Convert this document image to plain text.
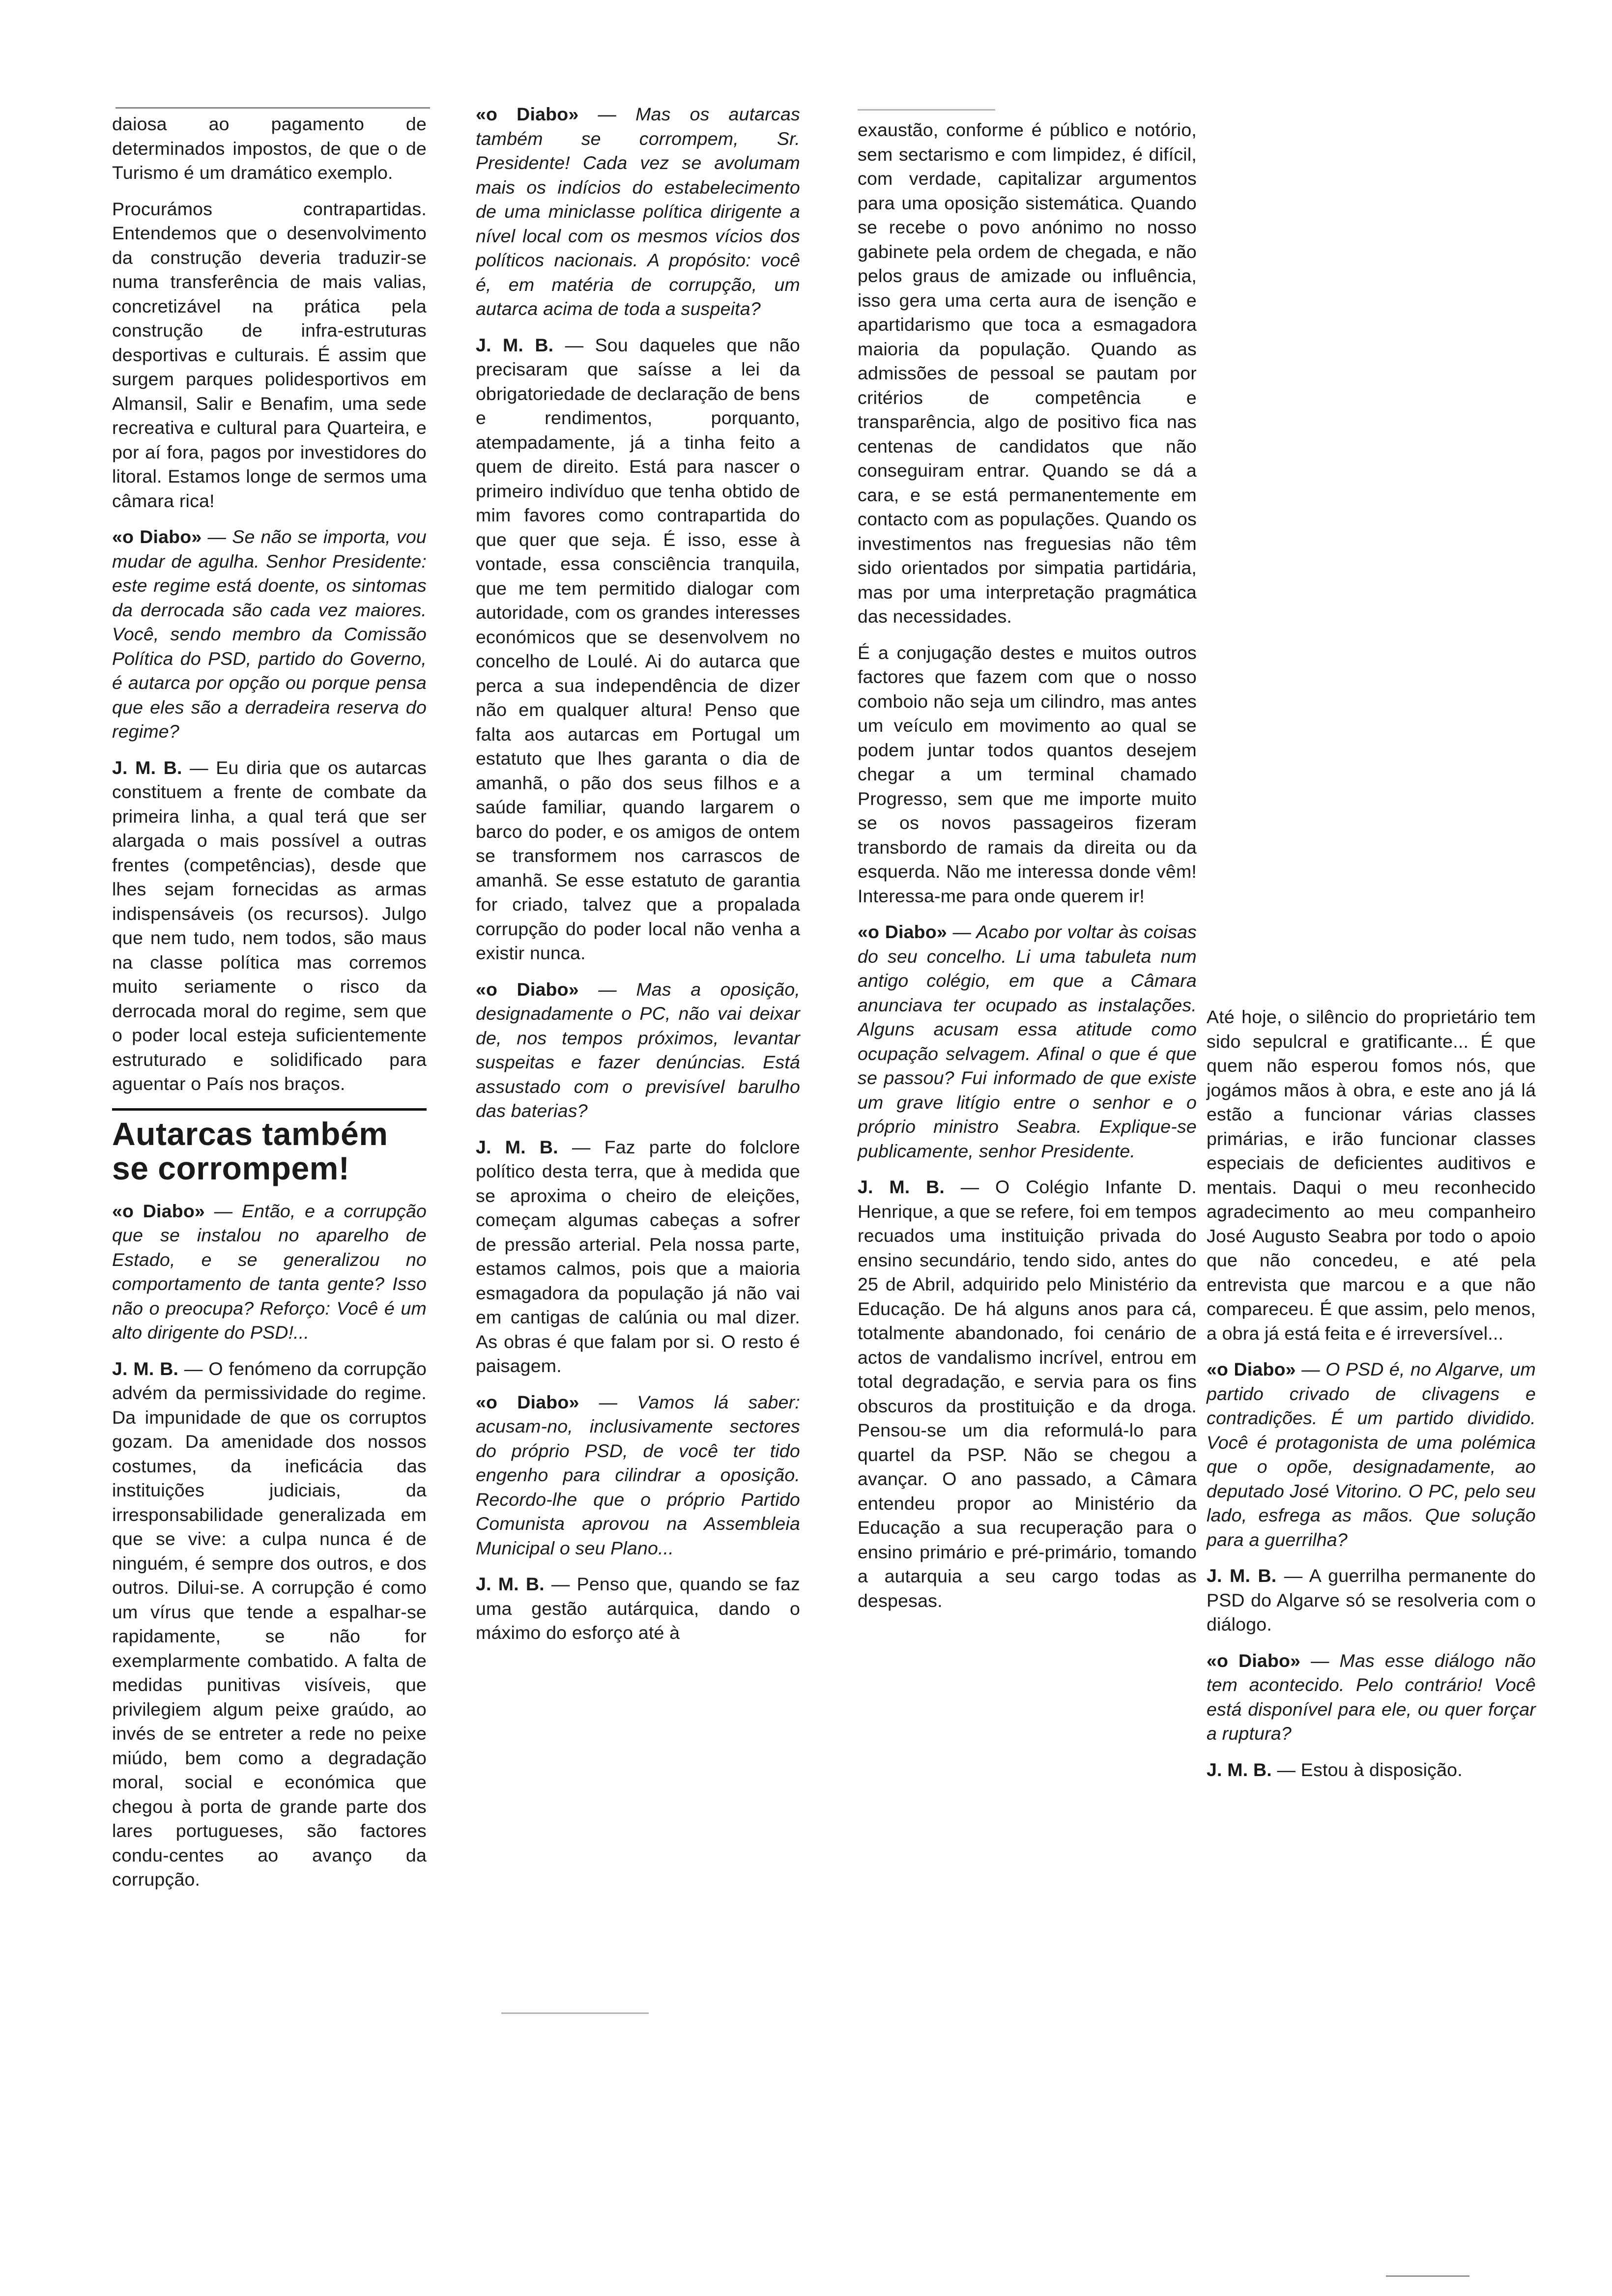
daiosa ao pagamento de determinados impostos, de que o de Turismo é um dramático exemplo.

Procurámos contrapartidas. Entendemos que o desenvolvimento da construção deveria traduzir-se numa transferência de mais valias, concretizável na prática pela construção de infra-estruturas desportivas e culturais. É assim que surgem parques polidesportivos em Almansil, Salir e Benafim, uma sede recreativa e cultural para Quarteira, e por aí fora, pagos por investidores do litoral. Estamos longe de sermos uma câmara rica!

«o Diabo» — Se não se importa, vou mudar de agulha. Senhor Presidente: este regime está doente, os sintomas da derrocada são cada vez maiores. Você, sendo membro da Comissão Política do PSD, partido do Governo, é autarca por opção ou porque pensa que eles são a derradeira reserva do regime?

J. M. B. — Eu diria que os autarcas constituem a frente de combate da primeira linha, a qual terá que ser alargada o mais possível a outras frentes (competências), desde que lhes sejam fornecidas as armas indispensáveis (os recursos). Julgo que nem tudo, nem todos, são maus na classe política mas corremos muito seriamente o risco da derrocada moral do regime, sem que o poder local esteja suficientemente estruturado e solidificado para aguentar o País nos braços.

Autarcas também se corrompem!

«o Diabo» — Então, e a corrupção que se instalou no aparelho de Estado, e se generalizou no comportamento de tanta gente? Isso não o preocupa? Reforço: Você é um alto dirigente do PSD!...

J. M. B. — O fenómeno da corrupção advém da permissividade do regime. Da impunidade de que os corruptos gozam. Da amenidade dos nossos costumes, da ineficácia das instituições judiciais, da irresponsabilidade generalizada em que se vive: a culpa nunca é de ninguém, é sempre dos outros, e dos outros. Dilui-se. A corrupção é como um vírus que tende a espalhar-se rapidamente, se não for exemplarmente combatido. A falta de medidas punitivas visíveis, que privilegiem algum peixe graúdo, ao invés de se entreter a rede no peixe miúdo, bem como a degradação moral, social e económica que chegou à porta de grande parte dos lares portugueses, são factores condu-centes ao avanço da corrupção.

«o Diabo» — Mas os autarcas também se corrompem, Sr. Presidente! Cada vez se avolumam mais os indícios do estabelecimento de uma miniclasse política dirigente a nível local com os mesmos vícios dos políticos nacionais. A propósito: você é, em matéria de corrupção, um autarca acima de toda a suspeita?

J. M. B. — Sou daqueles que não precisaram que saísse a lei da obrigatoriedade de declaração de bens e rendimentos, porquanto, atempadamente, já a tinha feito a quem de direito. Está para nascer o primeiro indivíduo que tenha obtido de mim favores como contrapartida do que quer que seja. É isso, esse à vontade, essa consciência tranquila, que me tem permitido dialogar com autoridade, com os grandes interesses económicos que se desenvolvem no concelho de Loulé. Ai do autarca que perca a sua independência de dizer não em qualquer altura! Penso que falta aos autarcas em Portugal um estatuto que lhes garanta o dia de amanhã, o pão dos seus filhos e a saúde familiar, quando largarem o barco do poder, e os amigos de ontem se transformem nos carrascos de amanhã. Se esse estatuto de garantia for criado, talvez que a propalada corrupção do poder local não venha a existir nunca.

«o Diabo» — Mas a oposição, designadamente o PC, não vai deixar de, nos tempos próximos, levantar suspeitas e fazer denúncias. Está assustado com o previsível barulho das baterias?

J. M. B. — Faz parte do folclore político desta terra, que à medida que se aproxima o cheiro de eleições, começam algumas cabeças a sofrer de pressão arterial. Pela nossa parte, estamos calmos, pois que a maioria esmagadora da população já não vai em cantigas de calúnia ou mal dizer. As obras é que falam por si. O resto é paisagem.

«o Diabo» — Vamos lá saber: acusam-no, inclusivamente sectores do próprio PSD, de você ter tido engenho para cilindrar a oposição. Recordo-lhe que o próprio Partido Comunista aprovou na Assembleia Municipal o seu Plano...

J. M. B. — Penso que, quando se faz uma gestão autárquica, dando o máximo do esforço até à

exaustão, conforme é público e notório, sem sectarismo e com limpidez, é difícil, com verdade, capitalizar argumentos para uma oposição sistemática. Quando se recebe o povo anónimo no nosso gabinete pela ordem de chegada, e não pelos graus de amizade ou influência, isso gera uma certa aura de isenção e apartidarismo que toca a esmagadora maioria da população. Quando as admissões de pessoal se pautam por critérios de competência e transparência, algo de positivo fica nas centenas de candidatos que não conseguiram entrar. Quando se dá a cara, e se está permanentemente em contacto com as populações. Quando os investimentos nas freguesias não têm sido orientados por simpatia partidária, mas por uma interpretação pragmática das necessidades.

É a conjugação destes e muitos outros factores que fazem com que o nosso comboio não seja um cilindro, mas antes um veículo em movimento ao qual se podem juntar todos quantos desejem chegar a um terminal chamado Progresso, sem que me importe muito se os novos passageiros fizeram transbordo de ramais da direita ou da esquerda. Não me interessa donde vêm! Interessa-me para onde querem ir!

«o Diabo» — Acabo por voltar às coisas do seu concelho. Li uma tabuleta num antigo colégio, em que a Câmara anunciava ter ocupado as instalações. Alguns acusam essa atitude como ocupação selvagem. Afinal o que é que se passou? Fui informado de que existe um grave litígio entre o senhor e o próprio ministro Seabra. Explique-se publicamente, senhor Presidente.

J. M. B. — O Colégio Infante D. Henrique, a que se refere, foi em tempos recuados uma instituição privada do ensino secundário, tendo sido, antes do 25 de Abril, adquirido pelo Ministério da Educação. De há alguns anos para cá, totalmente abandonado, foi cenário de actos de vandalismo incrível, entrou em total degradação, e servia para os fins obscuros da prostituição e da droga. Pensou-se um dia reformulá-lo para quartel da PSP. Não se chegou a avançar. O ano passado, a Câmara entendeu propor ao Ministério da Educação a sua recuperação para o ensino primário e pré-primário, tomando a autarquia a seu cargo todas as despesas.

Até hoje, o silêncio do proprietário tem sido sepulcral e gratificante... É que quem não esperou fomos nós, que jogámos mãos à obra, e este ano já lá estão a funcionar várias classes primárias, e irão funcionar classes especiais de deficientes auditivos e mentais. Daqui o meu reconhecido agradecimento ao meu companheiro José Augusto Seabra por todo o apoio que não concedeu, e até pela entrevista que marcou e a que não compareceu. É que assim, pelo menos, a obra já está feita e é irreversível...

«o Diabo» — O PSD é, no Algarve, um partido crivado de clivagens e contradições. É um partido dividido. Você é protagonista de uma polémica que o opõe, designadamente, ao deputado José Vitorino. O PC, pelo seu lado, esfrega as mãos. Que solução para a guerrilha?

J. M. B. — A guerrilha permanente do PSD do Algarve só se resolveria com o diálogo.

«o Diabo» — Mas esse diálogo não tem acontecido. Pelo contrário! Você está disponível para ele, ou quer forçar a ruptura?

J. M. B. — Estou à disposição.
